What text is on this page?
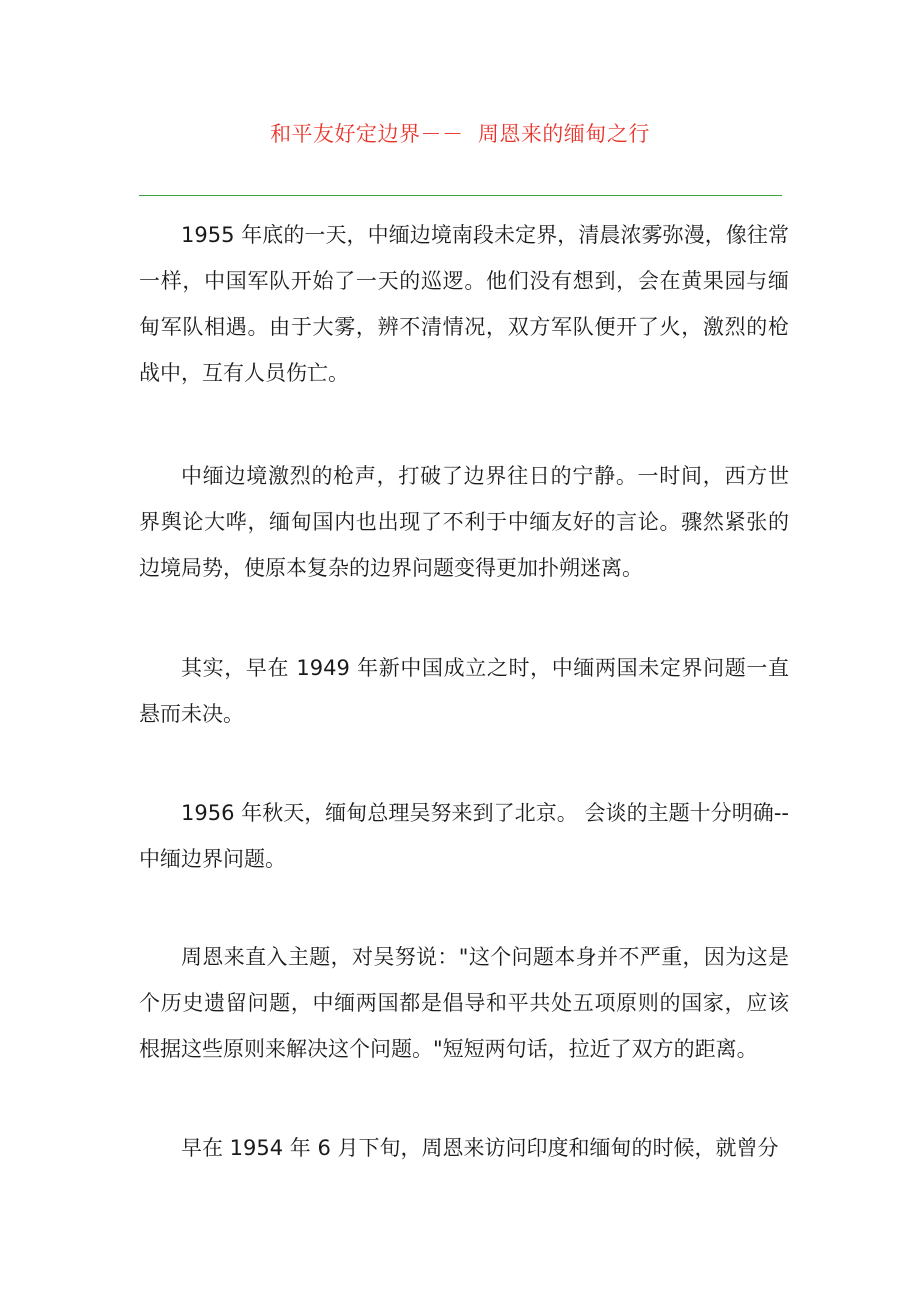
和平友好定边界－－  周恩来的缅甸之行

1955 年底的一天，中缅边境南段未定界，清晨浓雾弥漫，像往常一样，中国军队开始了一天的巡逻。他们没有想到，会在黄果园与缅甸军队相遇。由于大雾，辨不清情况，双方军队便开了火，激烈的枪战中，互有人员伤亡。

中缅边境激烈的枪声，打破了边界往日的宁静。一时间，西方世界舆论大哗，缅甸国内也出现了不利于中缅友好的言论。骤然紧张的边境局势，使原本复杂的边界问题变得更加扑朔迷离。

其实，早在 1949 年新中国成立之时，中缅两国未定界问题一直悬而未决。

1956 年秋天，缅甸总理吴努来到了北京。 会谈的主题十分明确--中缅边界问题。

周恩来直入主题，对吴努说："这个问题本身并不严重，因为这是个历史遗留问题，中缅两国都是倡导和平共处五项原则的国家，应该根据这些原则来解决这个问题。"短短两句话，拉近了双方的距离。

早在 1954 年 6 月下旬，周恩来访问印度和缅甸的时候，就曾分
